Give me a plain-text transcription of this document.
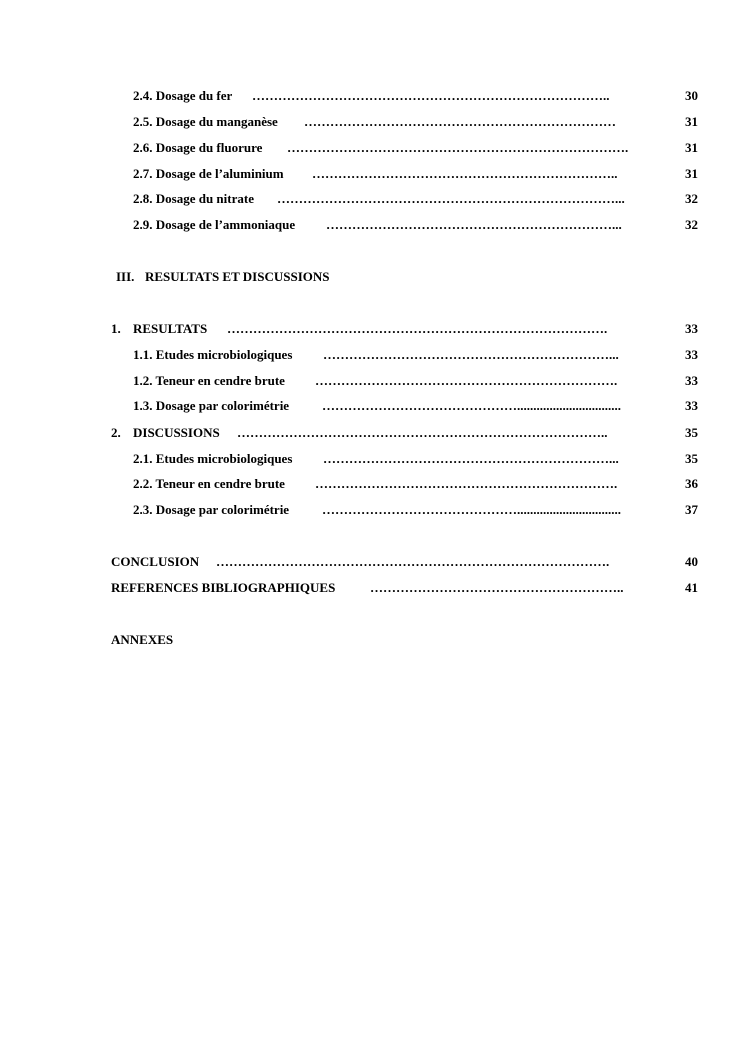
2.4. Dosage du fer ………………………………………………………………………..	30
2.5. Dosage du manganèse ………………………………………………………………	31
2.6. Dosage du fluorure …………………………………………………………………….	31
2.7. Dosage de l’aluminium ……………………………………………………………..	31
2.8. Dosage du nitrate ……………………………………………………………………...	32
2.9. Dosage de l’ammoniaque …………………………………………………………...	32
III. RESULTATS ET DISCUSSIONS
1. RESULTATS …………………………………………………………………………….	33
1.1. Etudes microbiologiques …………………………………………………………...	33
1.2. Teneur en cendre brute …………………………………………………………….	33
1.3. Dosage par colorimétrie	………………………………………................................	33
2. DISCUSSIONS …………………………………………………………………………..	35
2.1. Etudes microbiologiques …………………………………………………………...	35
2.2. Teneur en cendre brute …………………………………………………………….	36
2.3. Dosage par colorimétrie	………………………………………................................	37
CONCLUSION ……………………………………………………………………………….	40
REFERENCES BIBLIOGRAPHIQUES	…………………………………………………..	41
ANNEXES
